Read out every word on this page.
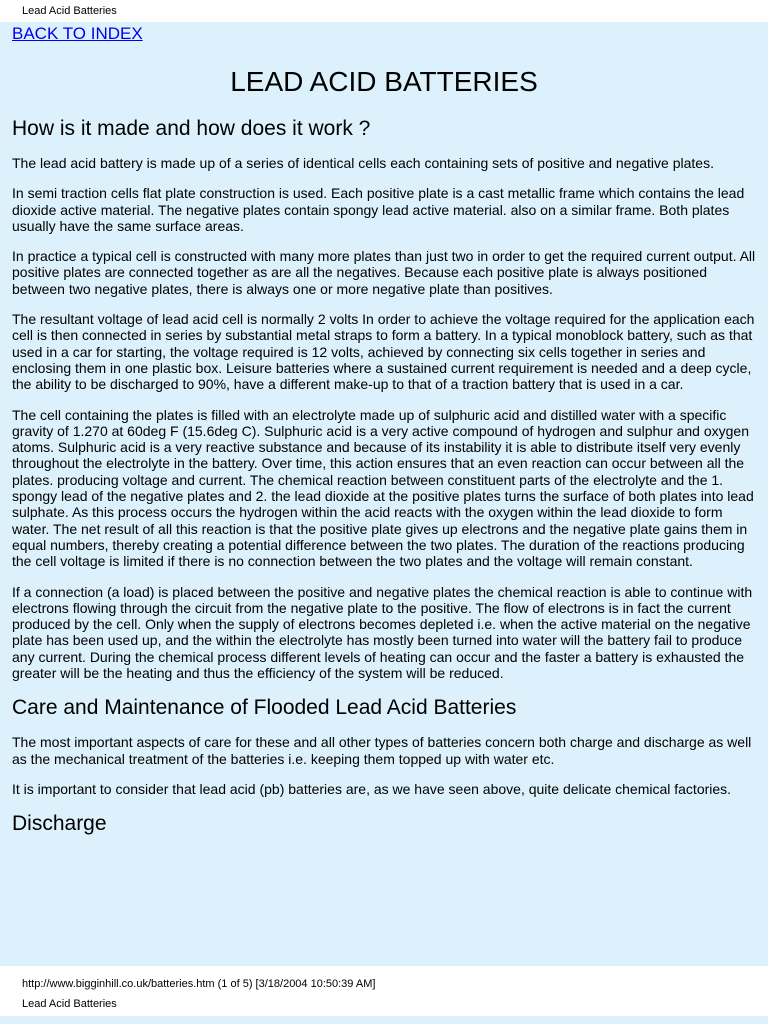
Lead Acid Batteries
BACK TO INDEX
LEAD ACID BATTERIES
How is it made and how does it work ?

The lead acid battery is made up of a series of identical cells each containing sets of positive and negative plates.

In semi traction cells flat plate construction is used. Each positive plate is a cast metallic frame which contains the lead dioxide active material. The negative plates contain spongy lead active material. also on a similar frame. Both plates usually have the same surface areas.

In practice a typical cell is constructed with many more plates than just two in order to get the required current output. All positive plates are connected together as are all the negatives. Because each positive plate is always positioned between two negative plates, there is always one or more negative plate than positives.

The resultant voltage of lead acid cell is normally 2 volts In order to achieve the voltage required for the application each cell is then connected in series by substantial metal straps to form a battery. In a typical monoblock battery, such as that used in a car for starting, the voltage required is 12 volts, achieved by connecting six cells together in series and enclosing them in one plastic box. Leisure batteries where a sustained current requirement is needed and a deep cycle, the ability to be discharged to 90%, have a different make-up to that of a traction battery that is used in a car.

The cell containing the plates is filled with an electrolyte made up of sulphuric acid and distilled water with a specific gravity of 1.270 at 60deg F (15.6deg C). Sulphuric acid is a very active compound of hydrogen and sulphur and oxygen atoms. Sulphuric acid is a very reactive substance and because of its instability it is able to distribute itself very evenly throughout the electrolyte in the battery. Over time, this action ensures that an even reaction can occur between all the plates. producing voltage and current. The chemical reaction between constituent parts of the electrolyte and the 1. spongy lead of the negative plates and 2. the lead dioxide at the positive plates turns the surface of both plates into lead sulphate. As this process occurs the hydrogen within the acid reacts with the oxygen within the lead dioxide to form water. The net result of all this reaction is that the positive plate gives up electrons and the negative plate gains them in equal numbers, thereby creating a potential difference between the two plates. The duration of the reactions producing the cell voltage is limited if there is no connection between the two plates and the voltage will remain constant.

If a connection (a load) is placed between the positive and negative plates the chemical reaction is able to continue with electrons flowing through the circuit from the negative plate to the positive. The flow of electrons is in fact the current produced by the cell. Only when the supply of electrons becomes depleted i.e. when the active material on the negative plate has been used up, and the within the electrolyte has mostly been turned into water will the battery fail to produce any current. During the chemical process different levels of heating can occur and the faster a battery is exhausted the greater will be the heating and thus the efficiency of the system will be reduced.

Care and Maintenance of Flooded Lead Acid Batteries

The most important aspects of care for these and all other types of batteries concern both charge and discharge as well as the mechanical treatment of the batteries i.e. keeping them topped up with water etc.

It is important to consider that lead acid (pb) batteries are, as we have seen above, quite delicate chemical factories.

Discharge
http://www.bigginhill.co.uk/batteries.htm (1 of 5) [3/18/2004 10:50:39 AM]
Lead Acid Batteries
